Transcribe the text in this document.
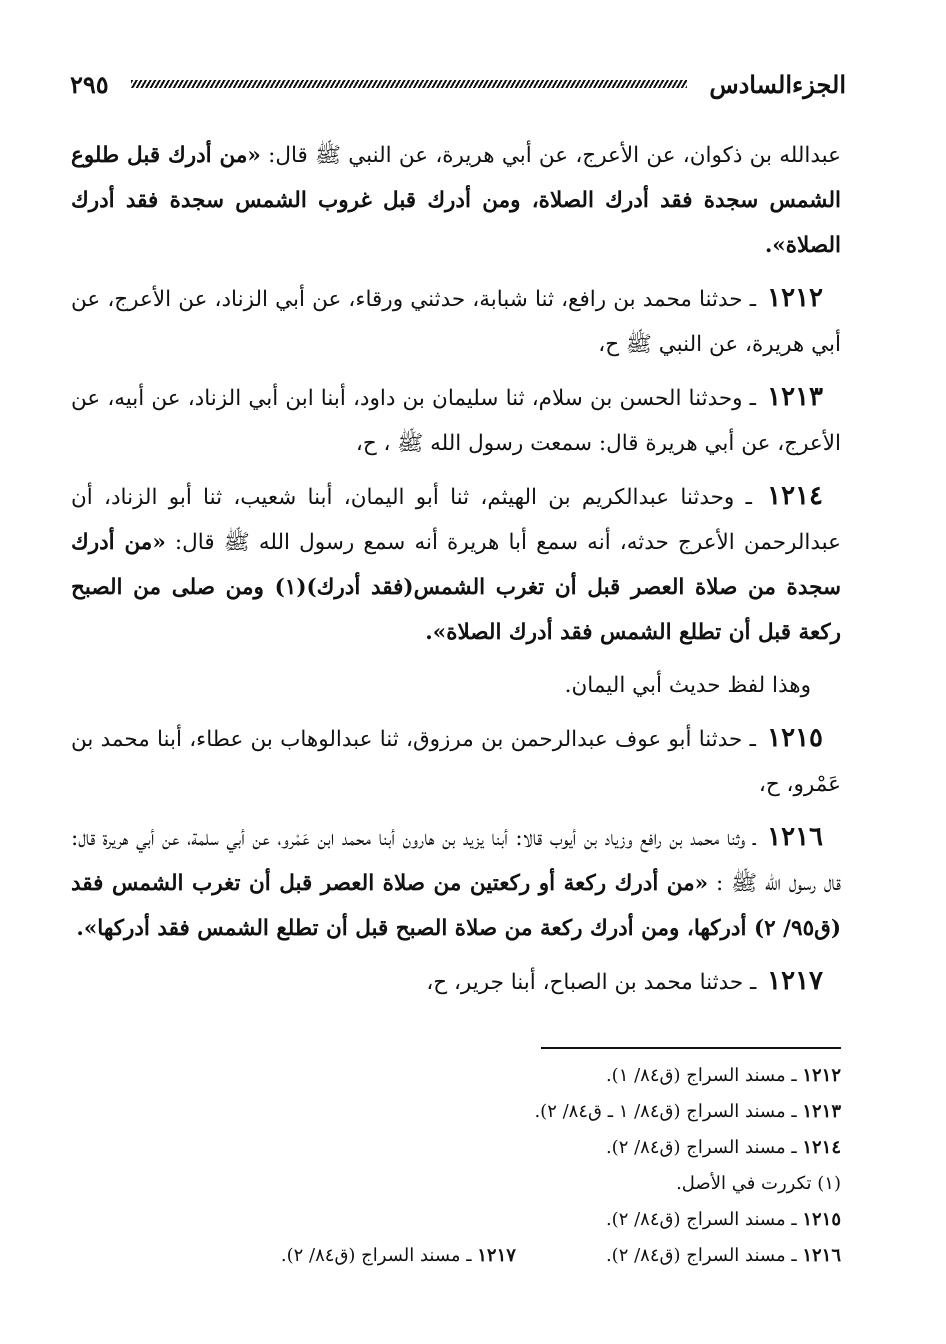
الجزءالسادس
٢٩٥

عبدالله بن ذكوان، عن الأعرج، عن أبي هريرة، عن النبي ﷺ قال: «من أدرك قبل طلوع الشمس سجدة فقد أدرك الصلاة، ومن أدرك قبل غروب الشمس سجدة فقد أدرك الصلاة».

١٢١٢ ـ حدثنا محمد بن رافع، ثنا شبابة، حدثني ورقاء، عن أبي الزناد، عن الأعرج، عن أبي هريرة، عن النبي ﷺ ح،

١٢١٣ ـ وحدثنا الحسن بن سلام، ثنا سليمان بن داود، أبنا ابن أبي الزناد، عن أبيه، عن الأعرج، عن أبي هريرة قال: سمعت رسول الله ﷺ ، ح،

١٢١٤ ـ وحدثنا عبدالكريم بن الهيثم، ثنا أبو اليمان، أبنا شعيب، ثنا أبو الزناد، أن عبدالرحمن الأعرج حدثه، أنه سمع أبا هريرة أنه سمع رسول الله ﷺ قال: «من أدرك سجدة من صلاة العصر قبل أن تغرب الشمس(فقد أدرك)(١) ومن صلى من الصبح ركعة قبل أن تطلع الشمس فقد أدرك الصلاة».

وهذا لفظ حديث أبي اليمان.

١٢١٥ ـ حدثنا أبو عوف عبدالرحمن بن مرزوق، ثنا عبدالوهاب بن عطاء، أبنا محمد بن عَمْرو، ح،

١٢١٦ ـ وثنا محمد بن رافع وزياد بن أيوب قالا: أبنا يزيد بن هارون أبنا محمد ابن عَمْرو، عن أبي سلمة، عن أبي هريرة قال: قال رسول الله ﷺ : «من أدرك ركعة أو ركعتين من صلاة العصر قبل أن تغرب الشمس فقد (ق٩٥/ ٢) أدركها، ومن أدرك ركعة من صلاة الصبح قبل أن تطلع الشمس فقد أدركها».

١٢١٧ ـ حدثنا محمد بن الصباح، أبنا جرير، ح،

١٢١٢ ـ مسند السراج (ق٨٤/ ١).
١٢١٣ ـ مسند السراج (ق٨٤/ ١ ـ ق٨٤/ ٢).
١٢١٤ ـ مسند السراج (ق٨٤/ ٢).
(١) تكررت في الأصل.
١٢١٥ ـ مسند السراج (ق٨٤/ ٢).
١٢١٦ ـ مسند السراج (ق٨٤/ ٢).
١٢١٧ ـ مسند السراج (ق٨٤/ ٢).
